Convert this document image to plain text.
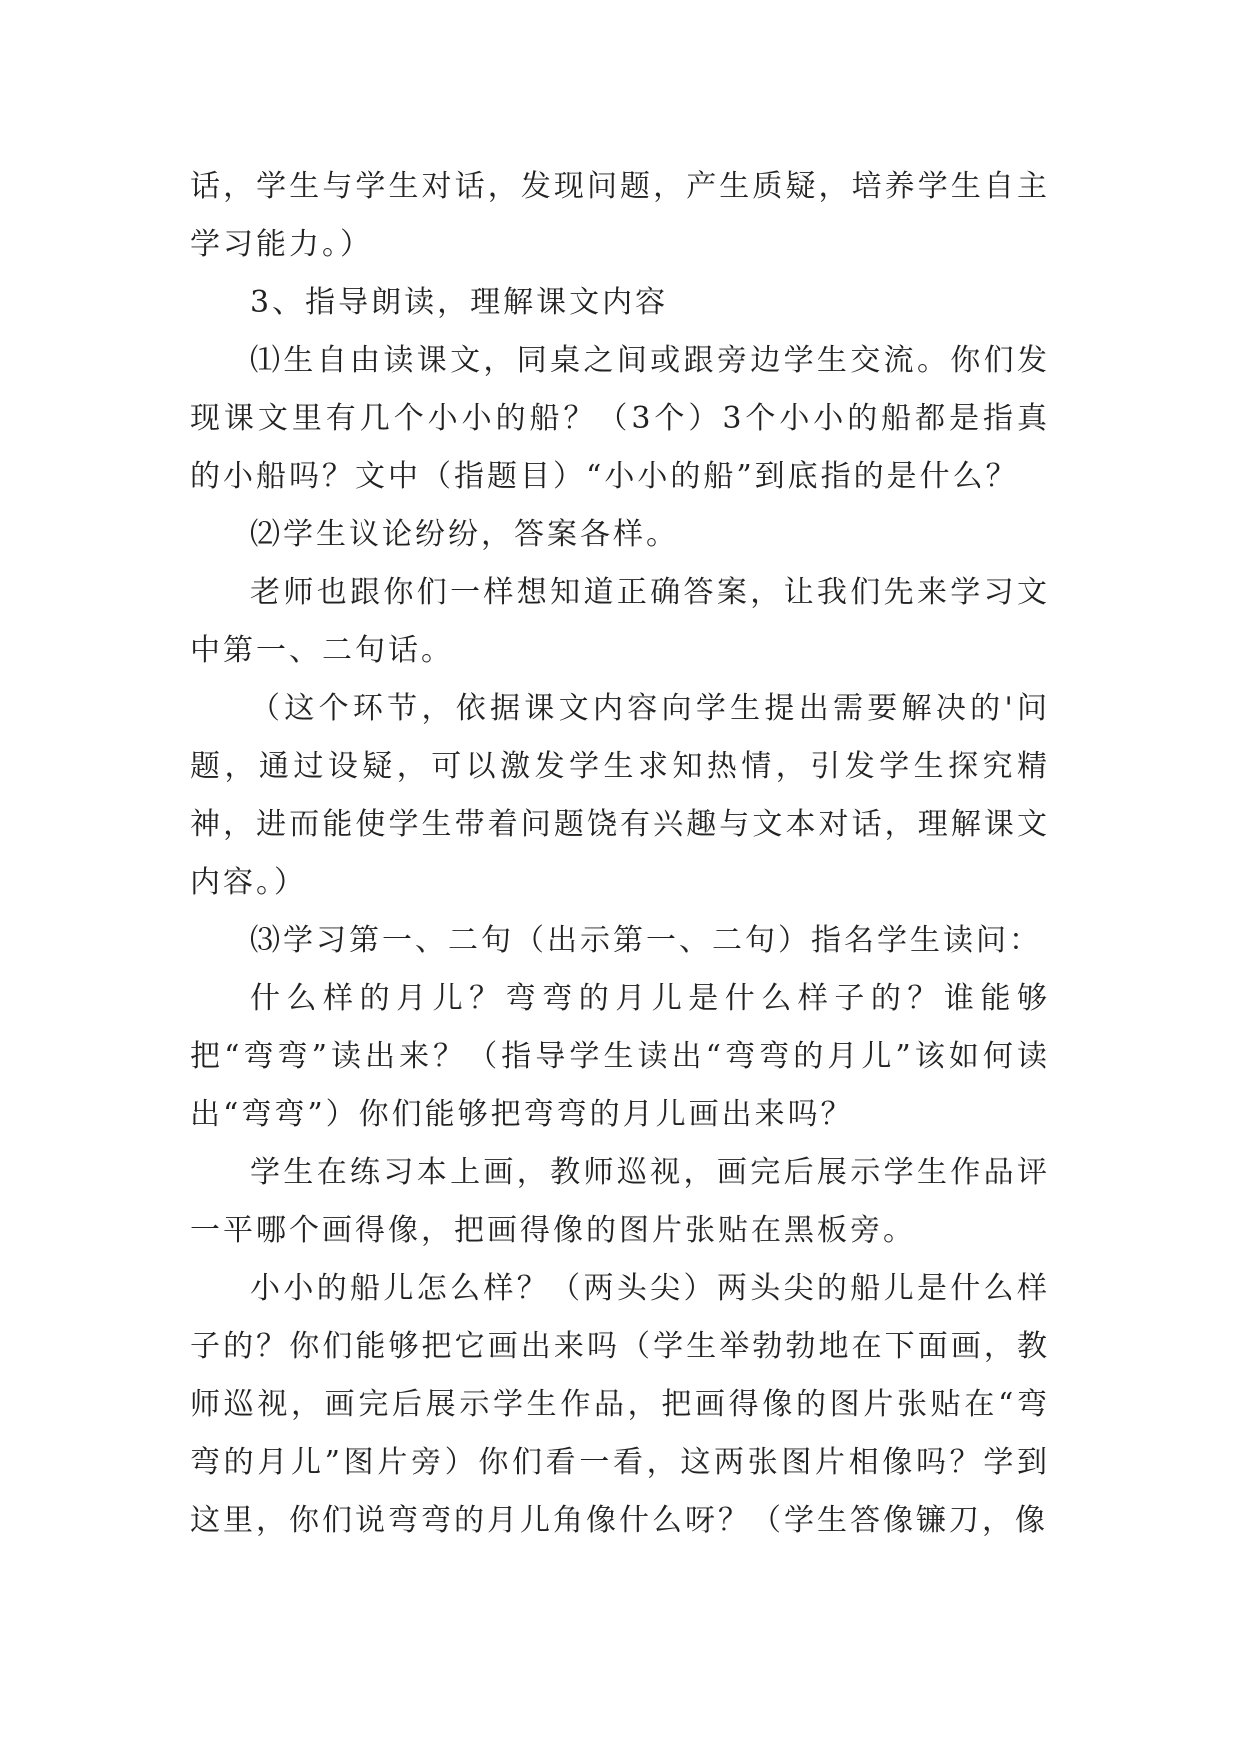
话，学生与学生对话，发现问题，产生质疑，培养学生自主学习能力。）

3、指导朗读，理解课文内容

⑴生自由读课文，同桌之间或跟旁边学生交流。你们发现课文里有几个小小的船？（3个）3个小小的船都是指真的小船吗？文中（指题目）“小小的船”到底指的是什么？

⑵学生议论纷纷，答案各样。

老师也跟你们一样想知道正确答案，让我们先来学习文中第一、二句话。

（这个环节，依据课文内容向学生提出需要解决的'问题，通过设疑，可以激发学生求知热情，引发学生探究精神，进而能使学生带着问题饶有兴趣与文本对话，理解课文内容。）

⑶学习第一、二句（出示第一、二句）指名学生读问：

什么样的月儿？弯弯的月儿是什么样子的？谁能够把“弯弯”读出来？（指导学生读出“弯弯的月儿”该如何读出“弯弯”）你们能够把弯弯的月儿画出来吗？

学生在练习本上画，教师巡视，画完后展示学生作品评一平哪个画得像，把画得像的图片张贴在黑板旁。

小小的船儿怎么样？（两头尖）两头尖的船儿是什么样子的？你们能够把它画出来吗（学生举勃勃地在下面画，教师巡视，画完后展示学生作品，把画得像的图片张贴在“弯弯的月儿”图片旁）你们看一看，这两张图片相像吗？学到这里，你们说弯弯的月儿角像什么呀？（学生答像镰刀，像
